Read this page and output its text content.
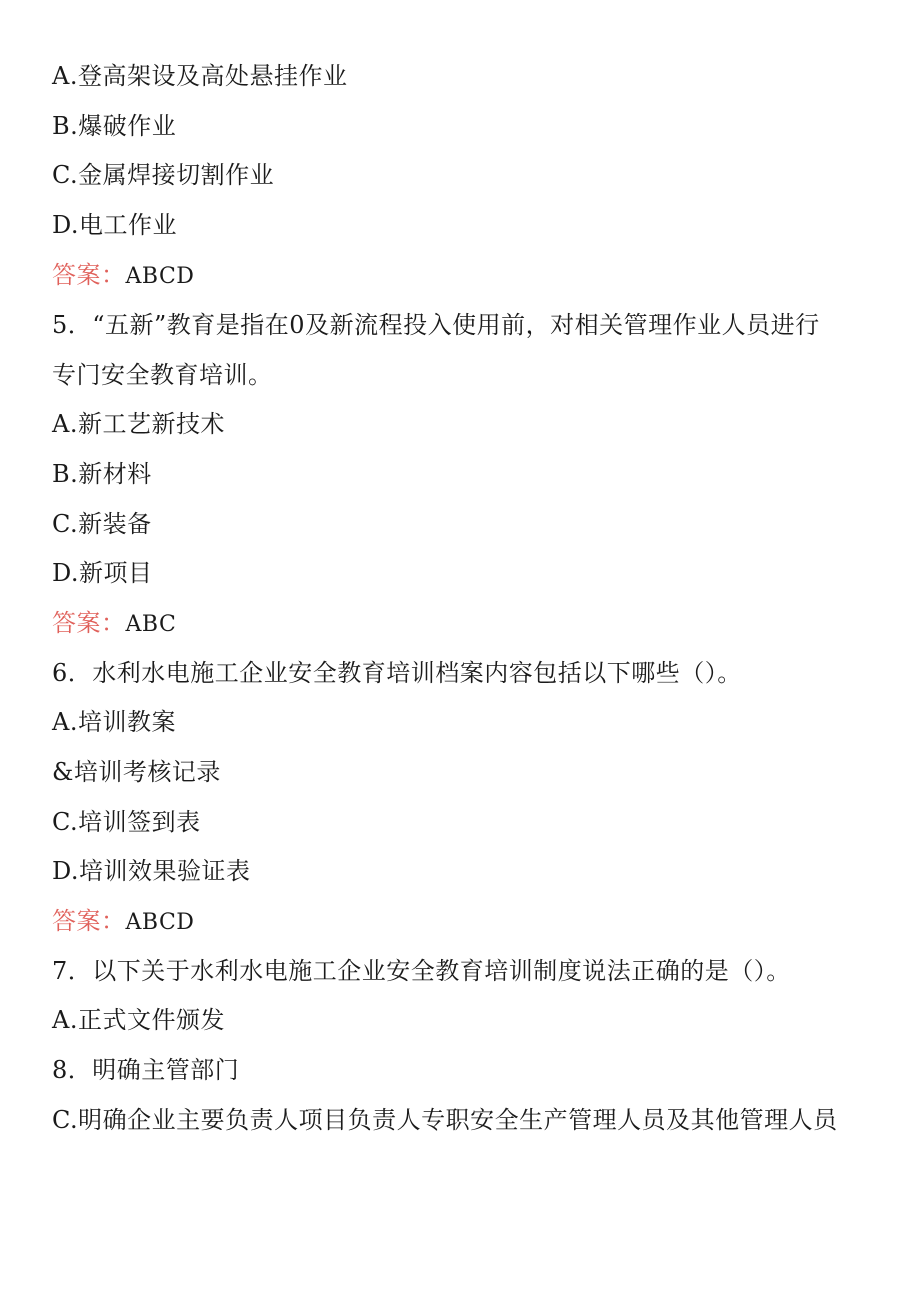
A.登高架设及高处悬挂作业
B.爆破作业
C.金属焊接切割作业
D.电工作业
答案：ABCD
5．“五新”教育是指在0及新流程投入使用前，对相关管理作业人员进行
专门安全教育培训。
A.新工艺新技术
B.新材料
C.新装备
D.新项目
答案：ABC
6．水利水电施工企业安全教育培训档案内容包括以下哪些（）。
A.培训教案
&培训考核记录
C.培训签到表
D.培训效果验证表
答案：ABCD
7．以下关于水利水电施工企业安全教育培训制度说法正确的是（）。
A.正式文件颁发
8．明确主管部门
C.明确企业主要负责人项目负责人专职安全生产管理人员及其他管理人员
